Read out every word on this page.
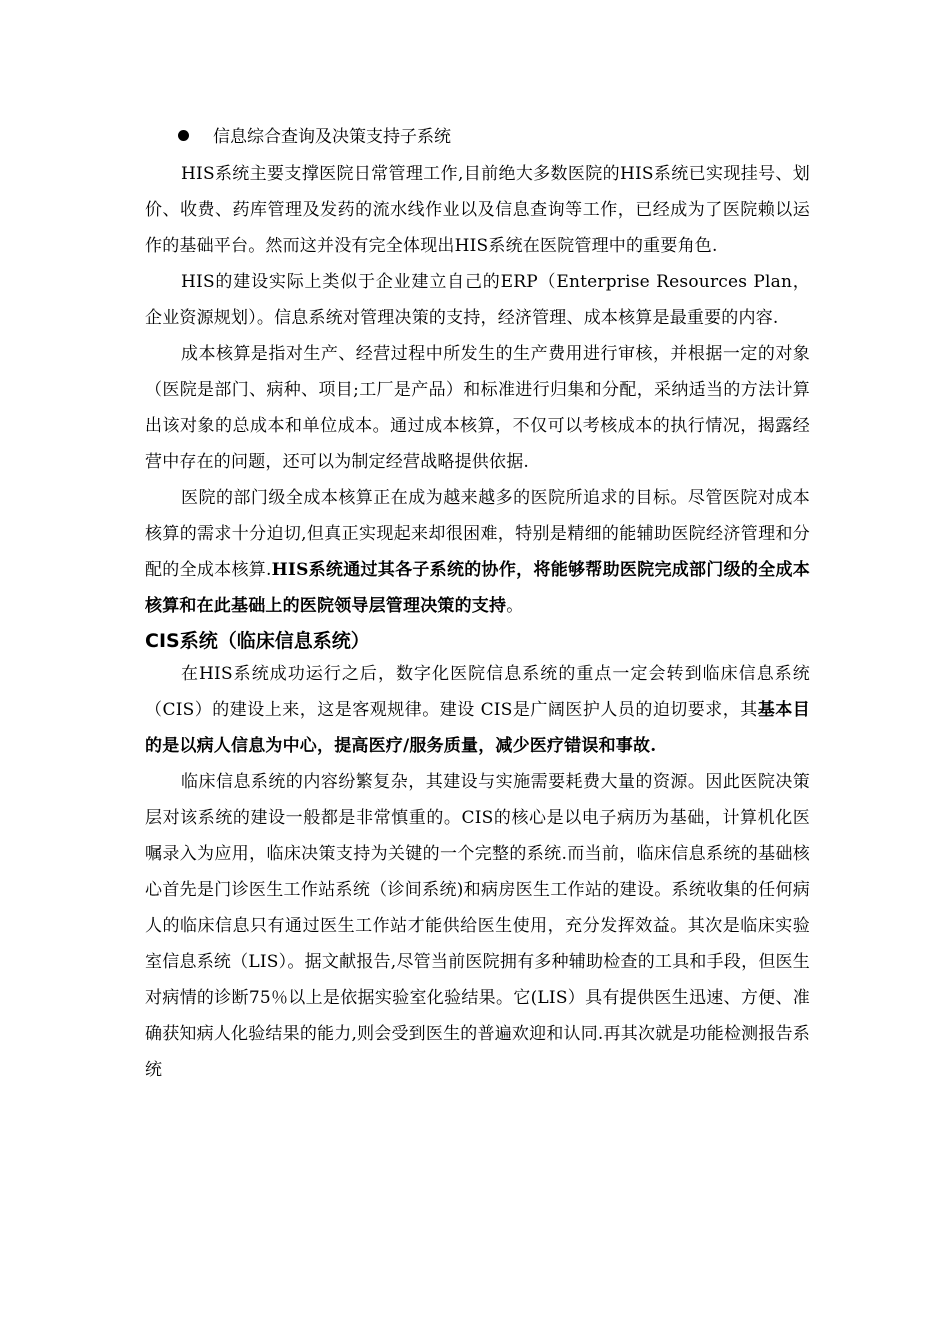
信息综合查询及决策支持子系统

HIS系统主要支撑医院日常管理工作,目前绝大多数医院的HIS系统已实现挂号、划价、收费、药库管理及发药的流水线作业以及信息查询等工作，已经成为了医院赖以运作的基础平台。然而这并没有完全体现出HIS系统在医院管理中的重要角色.

HIS的建设实际上类似于企业建立自己的ERP（Enterprise Resources Plan，企业资源规划）。信息系统对管理决策的支持，经济管理、成本核算是最重要的内容.

成本核算是指对生产、经营过程中所发生的生产费用进行审核，并根据一定的对象（医院是部门、病种、项目;工厂是产品）和标准进行归集和分配，采纳适当的方法计算出该对象的总成本和单位成本。通过成本核算，不仅可以考核成本的执行情况，揭露经营中存在的问题，还可以为制定经营战略提供依据.

医院的部门级全成本核算正在成为越来越多的医院所追求的目标。尽管医院对成本核算的需求十分迫切,但真正实现起来却很困难，特别是精细的能辅助医院经济管理和分配的全成本核算.HIS系统通过其各子系统的协作，将能够帮助医院完成部门级的全成本核算和在此基础上的医院领导层管理决策的支持。

CIS系统（临床信息系统）

在HIS系统成功运行之后，数字化医院信息系统的重点一定会转到临床信息系统（CIS）的建设上来，这是客观规律。建设 CIS是广阔医护人员的迫切要求，其基本目的是以病人信息为中心，提高医疗/服务质量，减少医疗错误和事故.

临床信息系统的内容纷繁复杂，其建设与实施需要耗费大量的资源。因此医院决策层对该系统的建设一般都是非常慎重的。CIS的核心是以电子病历为基础，计算机化医嘱录入为应用，临床决策支持为关键的一个完整的系统.而当前，临床信息系统的基础核心首先是门诊医生工作站系统（诊间系统)和病房医生工作站的建设。系统收集的任何病人的临床信息只有通过医生工作站才能供给医生使用，充分发挥效益。其次是临床实验室信息系统（LIS）。据文献报告,尽管当前医院拥有多种辅助检查的工具和手段，但医生对病情的诊断75％以上是依据实验室化验结果。它(LIS）具有提供医生迅速、方便、准确获知病人化验结果的能力,则会受到医生的普遍欢迎和认同.再其次就是功能检测报告系统
